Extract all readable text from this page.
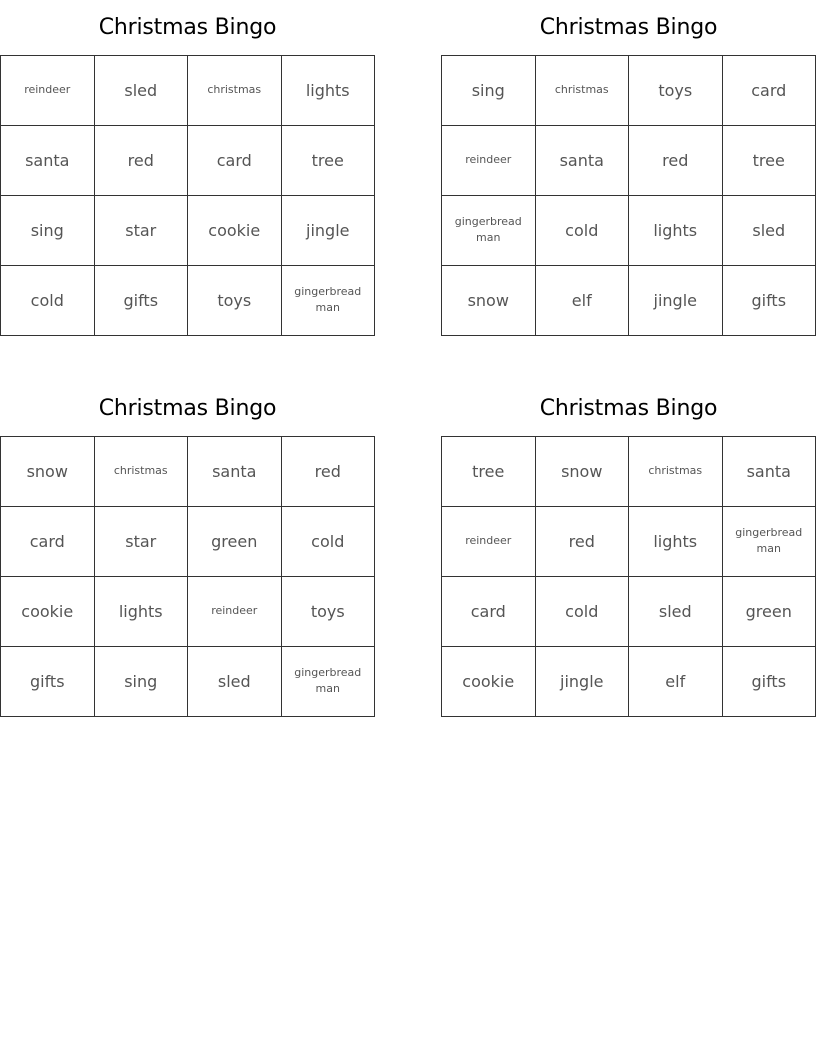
Christmas Bingo
reindeer	sled	christmas	lights
santa	red	card	tree
sing	star	cookie	jingle
cold	gifts	toys	gingerbread man
Christmas Bingo
sing	christmas	toys	card
reindeer	santa	red	tree
gingerbread man	cold	lights	sled
snow	elf	jingle	gifts
Christmas Bingo
snow	christmas	santa	red
card	star	green	cold
cookie	lights	reindeer	toys
gifts	sing	sled	gingerbread man
Christmas Bingo
tree	snow	christmas	santa
reindeer	red	lights	gingerbread man
card	cold	sled	green
cookie	jingle	elf	gifts
